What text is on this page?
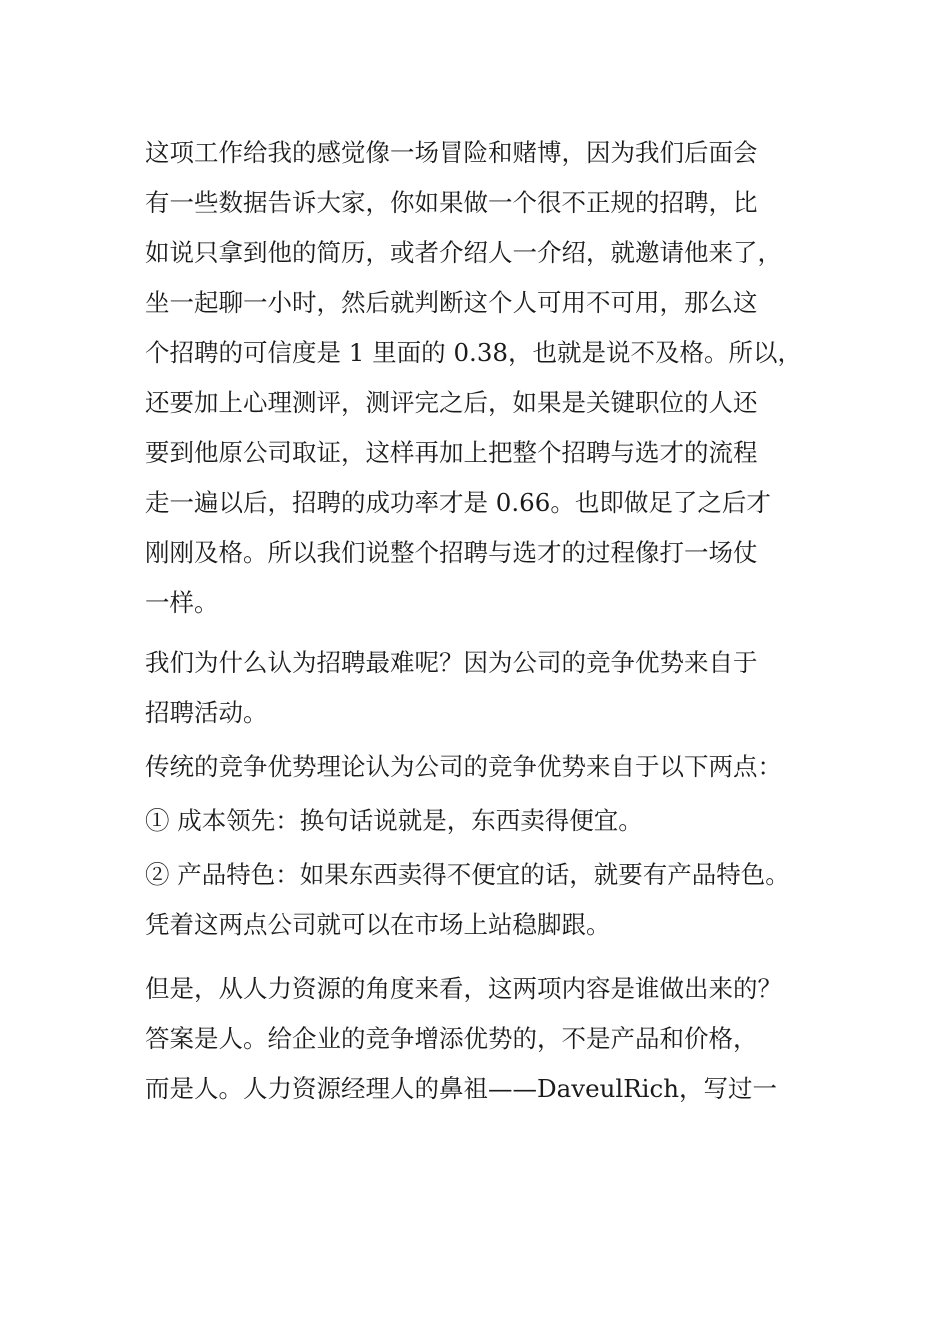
这项工作给我的感觉像一场冒险和赌博，因为我们后面会
有一些数据告诉大家，你如果做一个很不正规的招聘，比
如说只拿到他的简历，或者介绍人一介绍，就邀请他来了，
坐一起聊一小时，然后就判断这个人可用不可用，那么这
个招聘的可信度是 1 里面的 0.38，也就是说不及格。所以，
还要加上心理测评，测评完之后，如果是关键职位的人还
要到他原公司取证，这样再加上把整个招聘与选才的流程
走一遍以后，招聘的成功率才是 0.66。也即做足了之后才
刚刚及格。所以我们说整个招聘与选才的过程像打一场仗
一样。

我们为什么认为招聘最难呢？因为公司的竞争优势来自于
招聘活动。

传统的竞争优势理论认为公司的竞争优势来自于以下两点：

① 成本领先：换句话说就是，东西卖得便宜。

② 产品特色：如果东西卖得不便宜的话，就要有产品特色。
凭着这两点公司就可以在市场上站稳脚跟。

但是，从人力资源的角度来看，这两项内容是谁做出来的？
答案是人。给企业的竞争增添优势的，不是产品和价格，
而是人。人力资源经理人的鼻祖——DaveulRich，写过一
